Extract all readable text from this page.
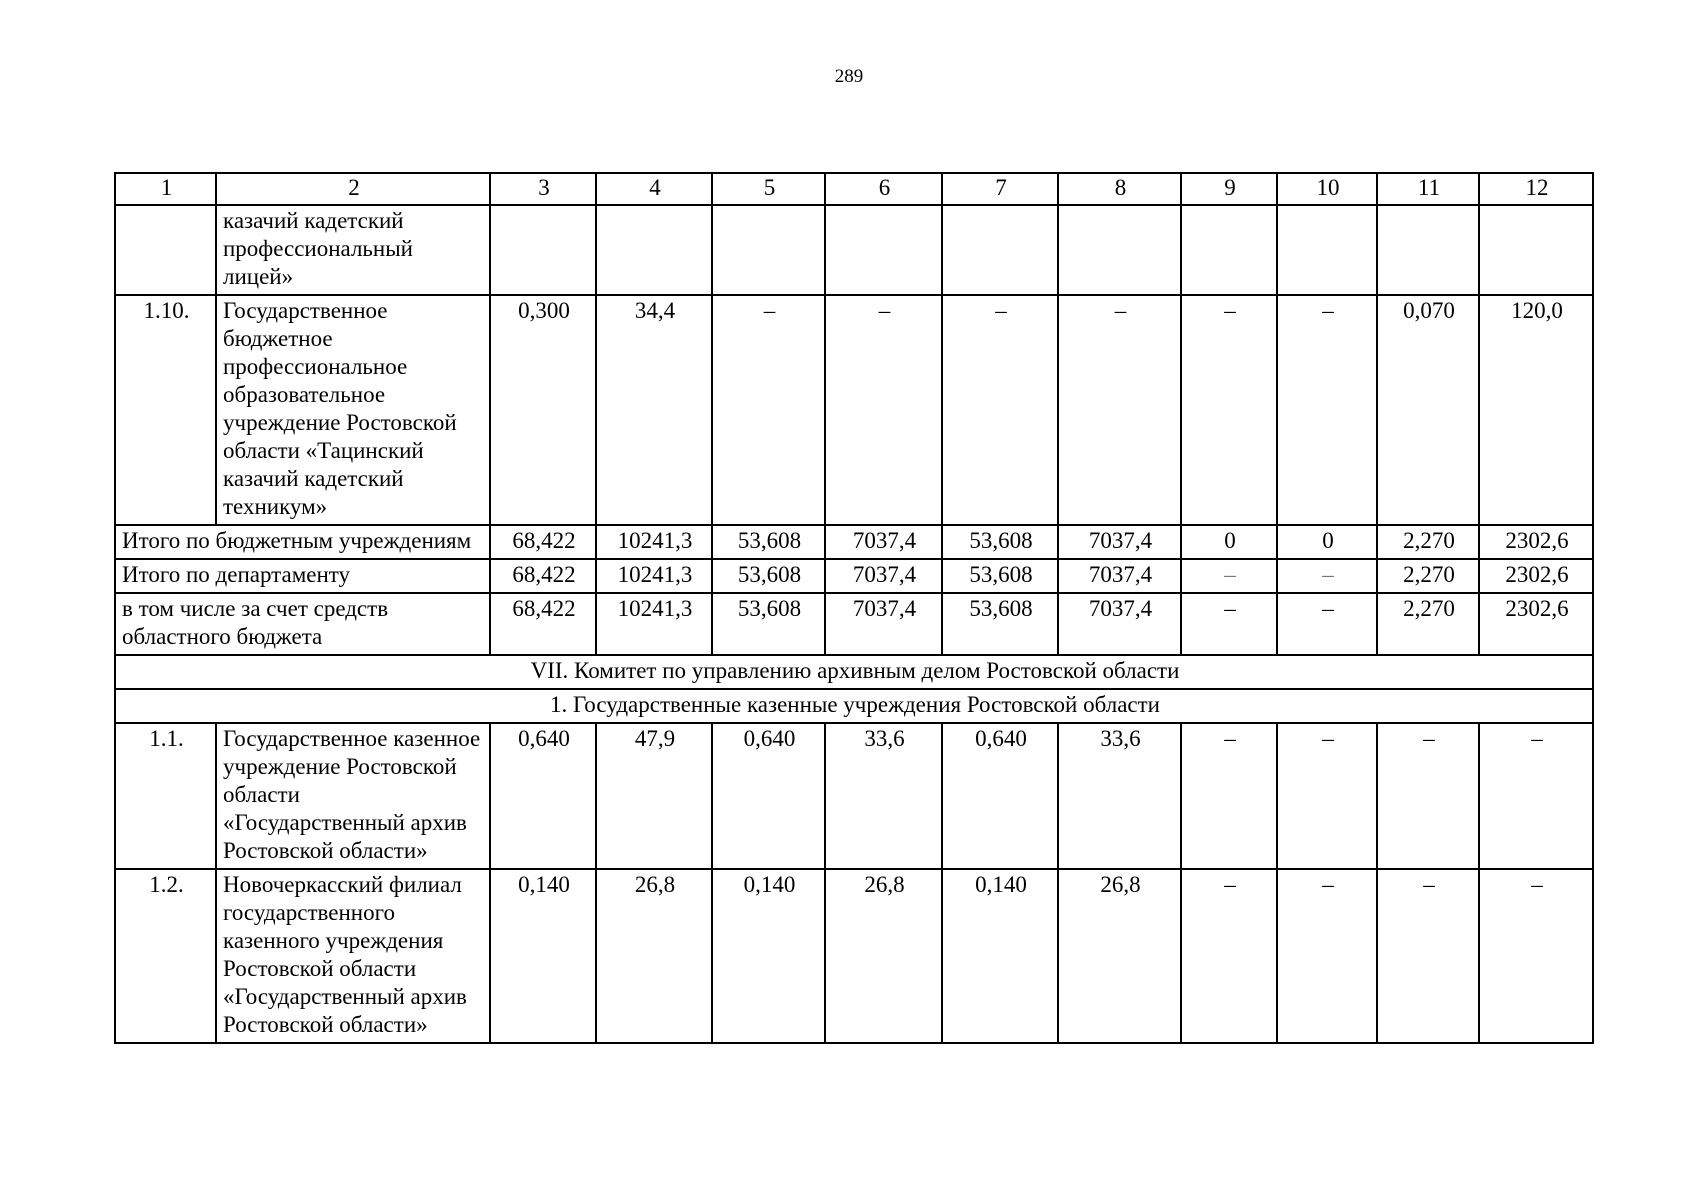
289
1	2	3	4	5	6	7	8	9	10	11	12
	казачий кадетский профессиональный лицей»										
1.10.	Государственное бюджетное профессиональное образовательное учреждение Ростовской области «Тацинский казачий кадетский техникум»	0,300	34,4	–	–	–	–	–	–	0,070	120,0
Итого по бюджетным учреждениям		68,422	10241,3	53,608	7037,4	53,608	7037,4	0	0	2,270	2302,6
Итого по департаменту		68,422	10241,3	53,608	7037,4	53,608	7037,4	–	–	2,270	2302,6
в том числе за счет средств областного бюджета		68,422	10241,3	53,608	7037,4	53,608	7037,4	–	–	2,270	2302,6
VII. Комитет по управлению архивным делом Ростовской области											
1. Государственные казенные учреждения Ростовской области											
1.1.	Государственное казенное учреждение Ростовской области «Государственный архив Ростовской области»	0,640	47,9	0,640	33,6	0,640	33,6	–	–	–	–
1.2.	Новочеркасский филиал государственного казенного учреждения Ростовской области «Государственный архив Ростовской области»	0,140	26,8	0,140	26,8	0,140	26,8	–	–	–	–
